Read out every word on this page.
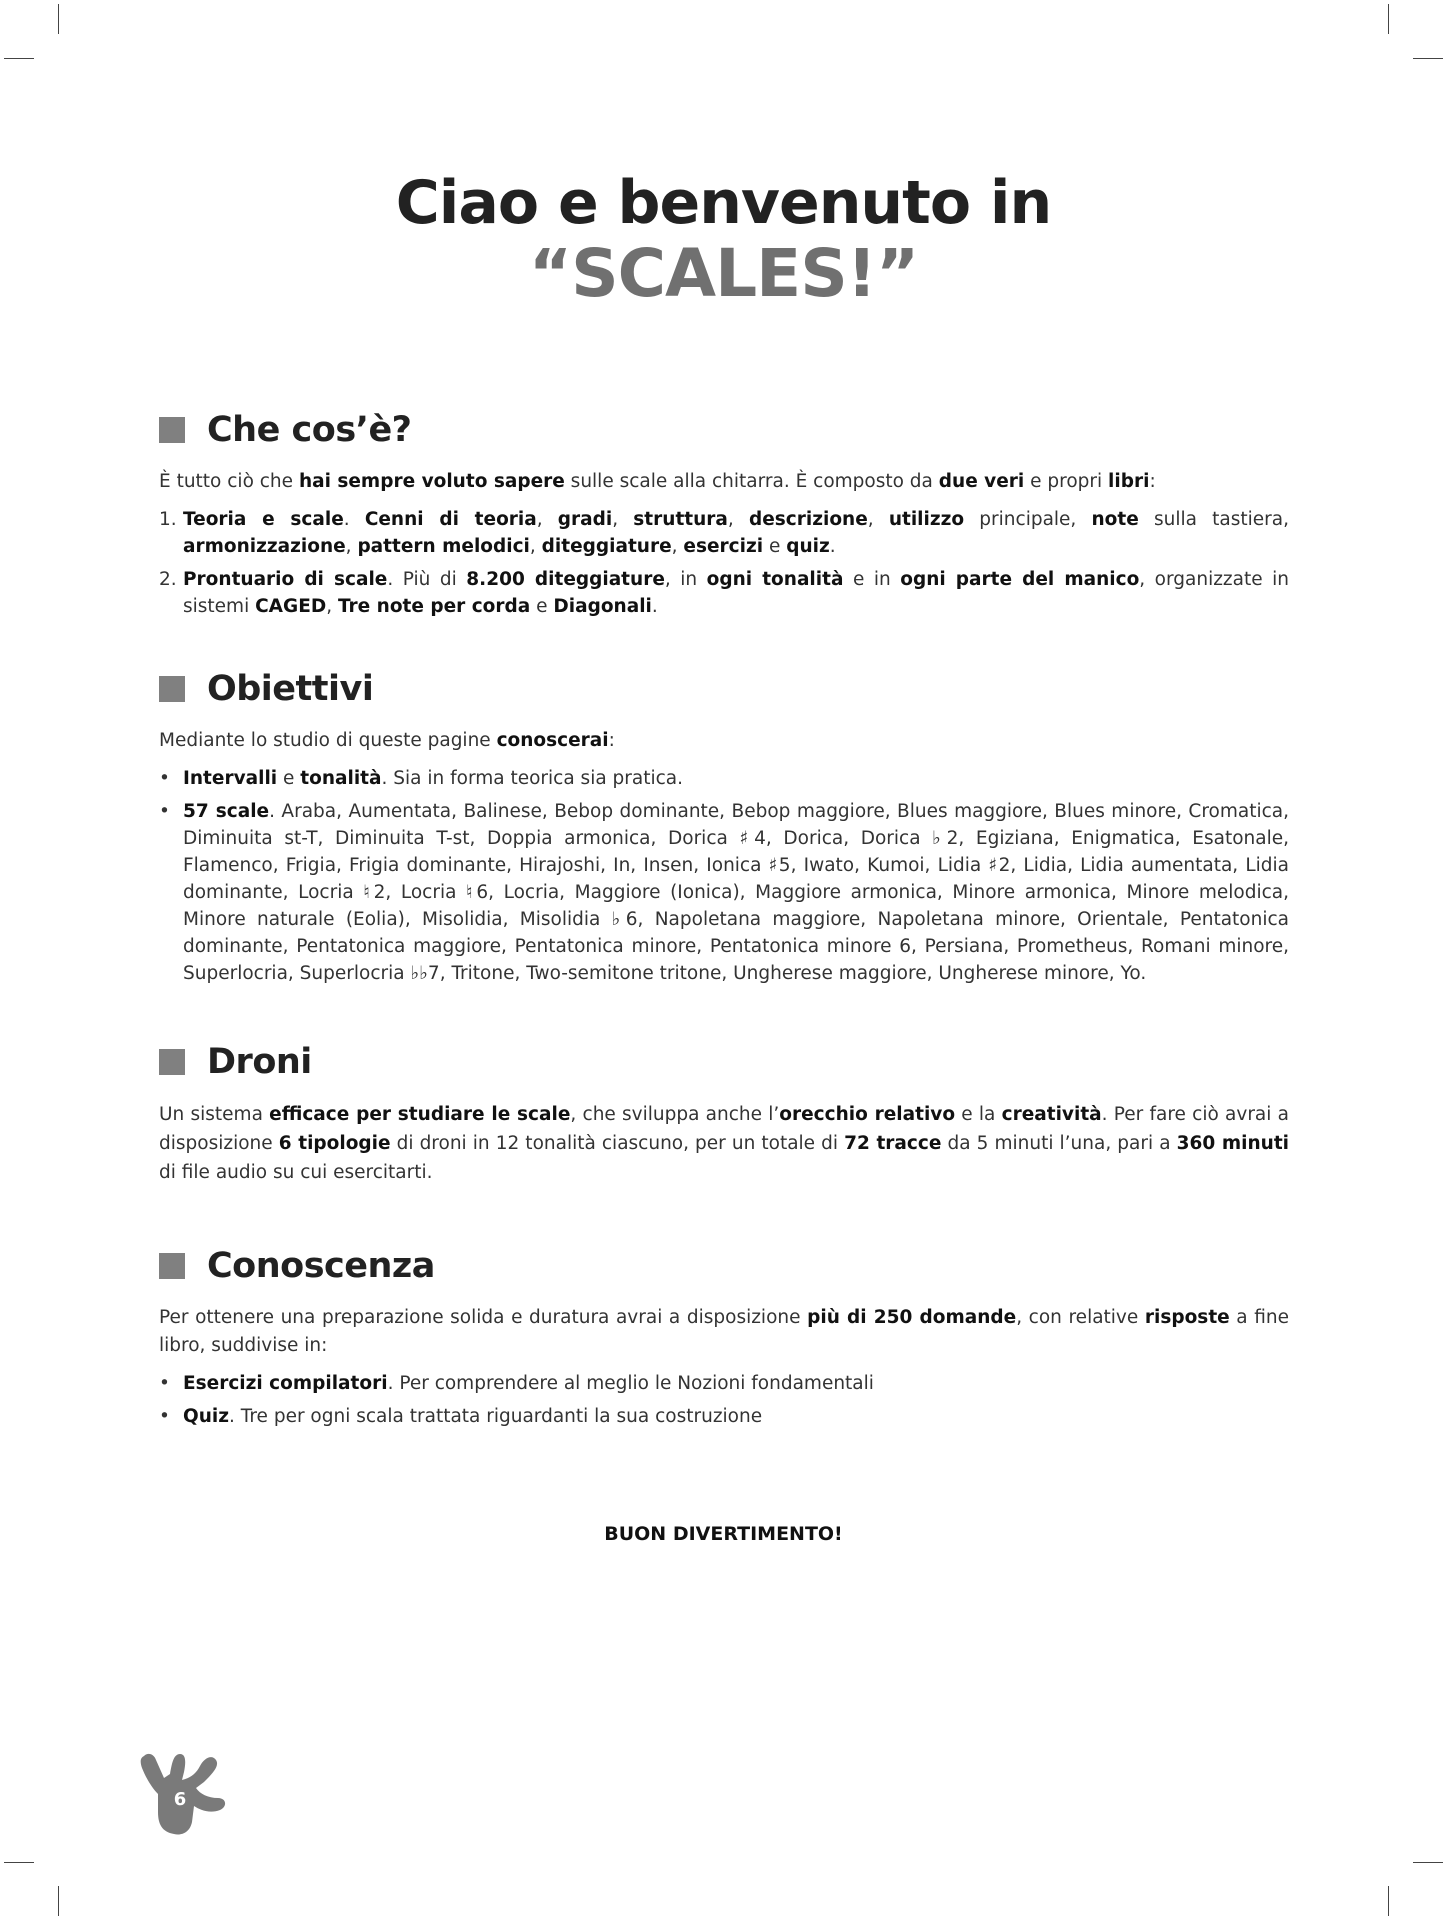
Ciao e benvenuto in
“SCALES!”
Che cos’è?
È tutto ciò che hai sempre voluto sapere sulle scale alla chitarra. È composto da due veri e propri libri:
1. Teoria e scale. Cenni di teoria, gradi, struttura, descrizione, utilizzo principale, note sulla tastiera, armonizzazione, pattern melodici, diteggiature, esercizi e quiz.
2. Prontuario di scale. Più di 8.200 diteggiature, in ogni tonalità e in ogni parte del manico, organizzate in sistemi CAGED, Tre note per corda e Diagonali.
Obiettivi
Mediante lo studio di queste pagine conoscerai:
• Intervalli e tonalità. Sia in forma teorica sia pratica.
• 57 scale. Araba, Aumentata, Balinese, Bebop dominante, Bebop maggiore, Blues maggiore, Blues minore, Cromatica, Diminuita st-T, Diminuita T-st, Doppia armonica, Dorica ♯4, Dorica, Dorica ♭2, Egiziana, Enigmatica, Esatonale, Flamenco, Frigia, Frigia dominante, Hirajoshi, In, Insen, Ionica ♯5, Iwato, Kumoi, Lidia ♯2, Lidia, Lidia aumentata, Lidia dominante, Locria ♮2, Locria ♮6, Locria, Maggiore (Ionica), Maggiore armonica, Minore armonica, Minore melodica, Minore naturale (Eolia), Misolidia, Misolidia ♭6, Napoletana maggiore, Napoletana minore, Orientale, Pentatonica dominante, Pentatonica maggiore, Pentatonica minore, Pentatonica minore 6, Persiana, Prometheus, Romani minore, Superlocria, Superlocria ♭♭7, Tritone, Two-semitone tritone, Ungherese maggiore, Ungherese minore, Yo.
Droni
Un sistema efficace per studiare le scale, che sviluppa anche l’orecchio relativo e la creatività. Per fare ciò avrai a disposizione 6 tipologie di droni in 12 tonalità ciascuno, per un totale di 72 tracce da 5 minuti l’una, pari a 360 minuti di file audio su cui esercitarti.
Conoscenza
Per ottenere una preparazione solida e duratura avrai a disposizione più di 250 domande, con relative risposte a fine libro, suddivise in:
• Esercizi compilatori. Per comprendere al meglio le Nozioni fondamentali
• Quiz. Tre per ogni scala trattata riguardanti la sua costruzione
BUON DIVERTIMENTO!
6
